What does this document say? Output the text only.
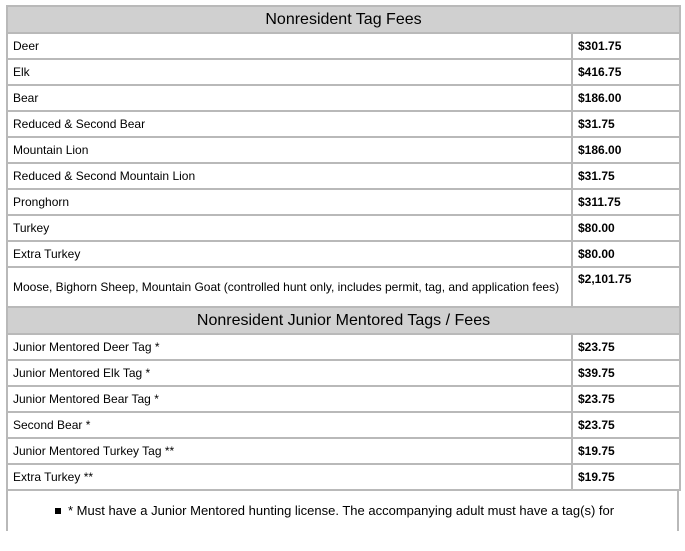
Nonresident Tag Fees	
Deer	$301.75
Elk	$416.75
Bear	$186.00
Reduced & Second Bear	$31.75
Mountain Lion	$186.00
Reduced & Second Mountain Lion	$31.75
Pronghorn	$311.75
Turkey	$80.00
Extra Turkey	$80.00
Moose, Bighorn Sheep, Mountain Goat (controlled hunt only, includes permit, tag, and application fees)	$2,101.75
Nonresident Junior Mentored Tags / Fees	
Junior Mentored Deer Tag *	$23.75
Junior Mentored Elk Tag *	$39.75
Junior Mentored Bear Tag *	$23.75
Second Bear *	$23.75
Junior Mentored Turkey Tag **	$19.75
Extra Turkey **	$19.75
* Must have a Junior Mentored hunting license. The accompanying adult must have a tag(s) for
